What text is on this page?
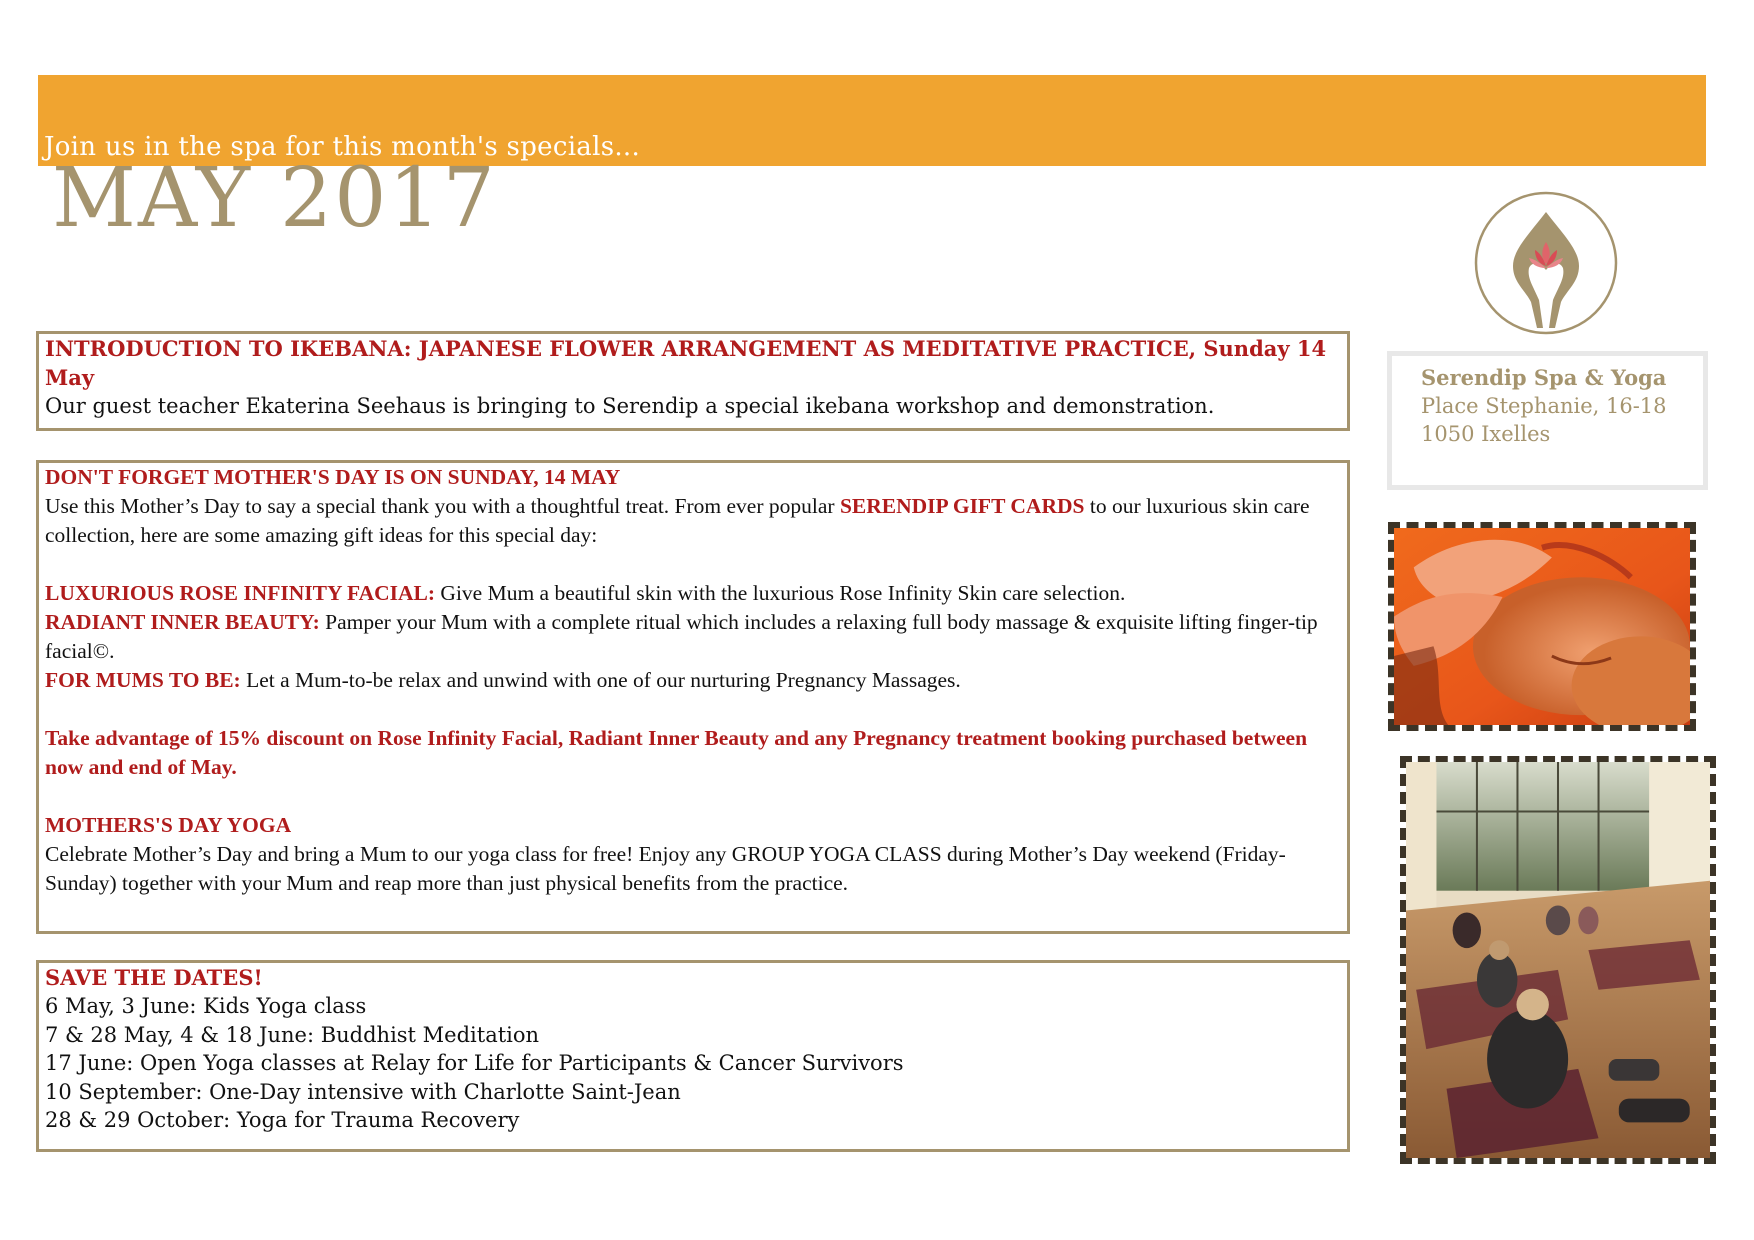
Join us in the spa for this month's specials...
MAY 2017
INTRODUCTION TO IKEBANA: JAPANESE FLOWER ARRANGEMENT AS MEDITATIVE PRACTICE, Sunday 14 May
Our guest teacher Ekaterina Seehaus is bringing to Serendip a special ikebana workshop and demonstration.
DON'T FORGET MOTHER'S DAY IS ON SUNDAY, 14 MAY
Use this Mother’s Day to say a special thank you with a thoughtful treat. From ever popular SERENDIP GIFT CARDS to our luxurious skin care collection, here are some amazing gift ideas for this special day:
LUXURIOUS ROSE INFINITY FACIAL: Give Mum a beautiful skin with the luxurious Rose Infinity Skin care selection.
RADIANT INNER BEAUTY: Pamper your Mum with a complete ritual which includes a relaxing full body massage & exquisite lifting finger-tip facial©.
FOR MUMS TO BE: Let a Mum-to-be relax and unwind with one of our nurturing Pregnancy Massages.
Take advantage of 15% discount on Rose Infinity Facial, Radiant Inner Beauty and any Pregnancy treatment booking purchased between now and end of May.
MOTHERS'S DAY YOGA
Celebrate Mother’s Day and bring a Mum to our yoga class for free! Enjoy any GROUP YOGA CLASS during Mother’s Day weekend (Friday-Sunday) together with your Mum and reap more than just physical benefits from the practice.
SAVE THE DATES!
6 May, 3 June: Kids Yoga class
7 & 28 May, 4 & 18 June: Buddhist Meditation
17 June: Open Yoga classes at Relay for Life for Participants & Cancer Survivors
10 September: One-Day intensive with Charlotte Saint-Jean
28 & 29 October: Yoga for Trauma Recovery
Serendip Spa & Yoga
Place Stephanie, 16-18
1050 Ixelles
